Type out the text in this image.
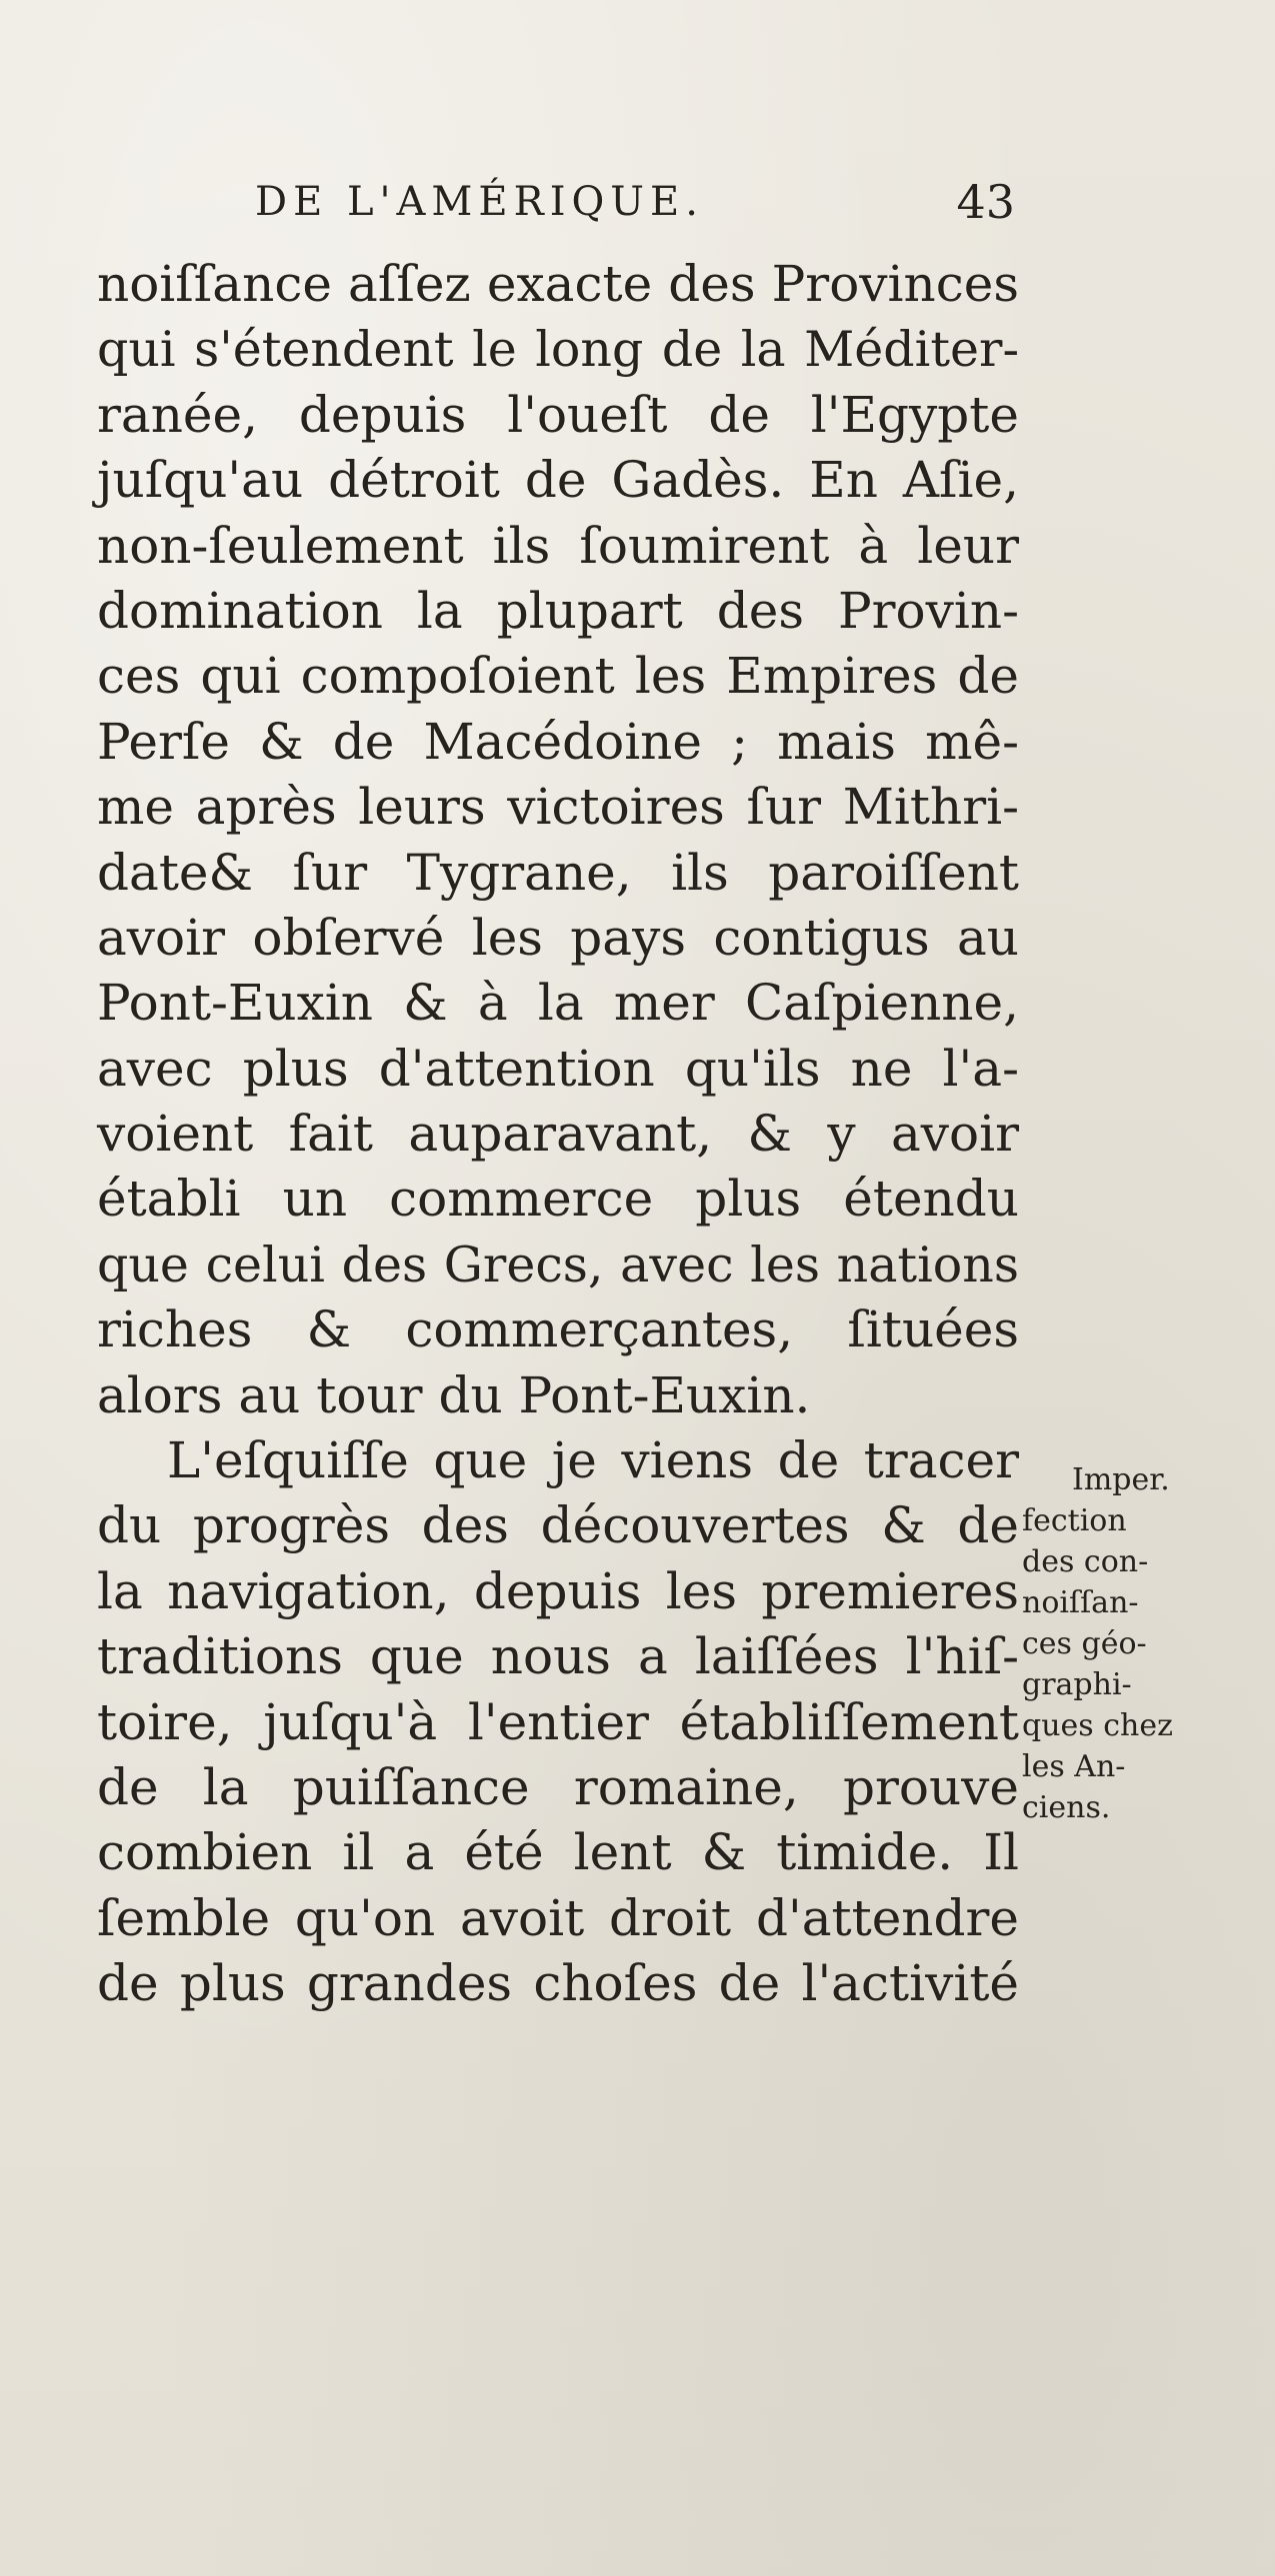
DE L'AMÉRIQUE.	43
noiſſance aſſez exacte des Provinces
qui s'étendent le long de la Méditer-
ranée, depuis l'oueſt de l'Egypte
juſqu'au détroit de Gadès. En Aſie,
non-ſeulement ils ſoumirent à leur
domination la plupart des Provin-
ces qui compoſoient les Empires de
Perſe & de Macédoine ; mais mê-
me après leurs victoires ſur Mithri-
date& ſur Tygrane, ils paroiſſent
avoir obſervé les pays contigus au
Pont-Euxin & à la mer Caſpienne,
avec plus d'attention qu'ils ne l'a-
voient fait auparavant, & y avoir
établi un commerce plus étendu
que celui des Grecs, avec les nations
riches & commerçantes, ſituées
alors au tour du Pont-Euxin.
L'eſquiſſe que je viens de tracer
du progrès des découvertes & de
la navigation, depuis les premieres
traditions que nous a laiſſées l'hiſ-
toire, juſqu'à l'entier établiſſement
de la puiſſance romaine, prouve
combien il a été lent & timide. Il
ſemble qu'on avoit droit d'attendre
de plus grandes choſes de l'activité
Imper.
fection
des con-
noiſſan-
ces géo-
graphi-
ques chez
les An-
ciens.
